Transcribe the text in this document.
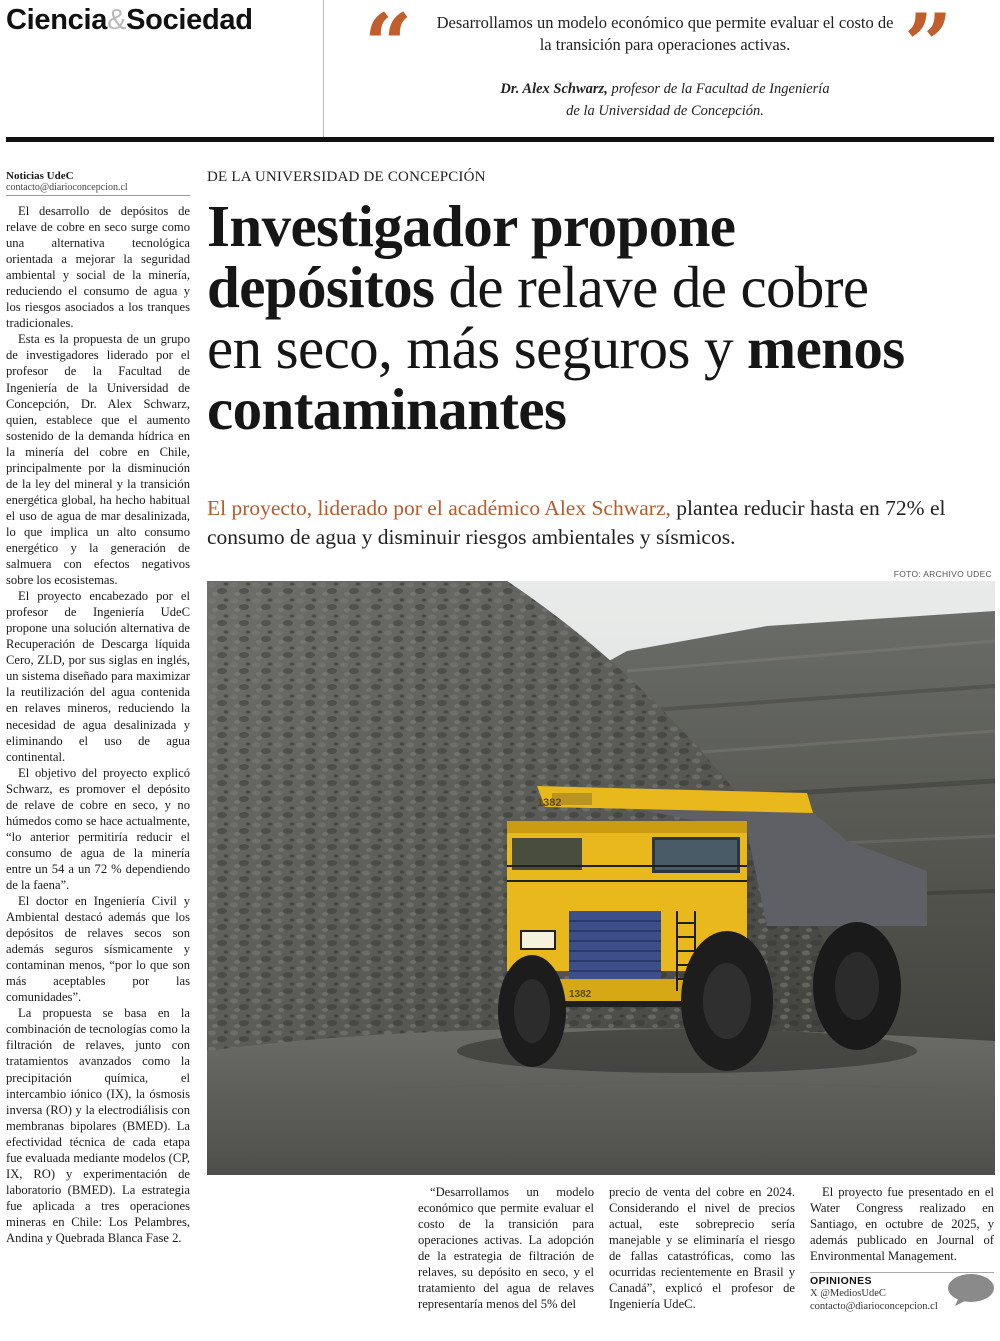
Ciencia&Sociedad “	Desarrollamos un modelo económico que permite evaluar el costo de la transición para operaciones activas.
Dr. Alex Schwarz, profesor de la Facultad de Ingeniería
de la Universidad de Concepción.
”
Noticias UdeC
contacto@diarioconcepcion.cl

El desarrollo de depósitos de relave de cobre en seco surge como una alternativa tecnológica orientada a mejorar la seguridad ambiental y social de la minería, reduciendo el consumo de agua y los riesgos asociados a los tranques tradicionales.

Esta es la propuesta de un grupo de investigadores liderado por el profesor de la Facultad de Ingeniería de la Universidad de Concepción, Dr. Alex Schwarz, quien, establece que el aumento sostenido de la demanda hídrica en la minería del cobre en Chile, principalmente por la disminución de la ley del mineral y la transición energética global, ha hecho habitual el uso de agua de mar desalinizada, lo que implica un alto consumo energético y la generación de salmuera con efectos negativos sobre los ecosistemas.

El proyecto encabezado por el profesor de Ingeniería UdeC propone una solución alternativa de Recuperación de Descarga líquida Cero, ZLD, por sus siglas en inglés, un sistema diseñado para maximizar la reutilización del agua contenida en relaves mineros, reduciendo la necesidad de agua desalinizada y eliminando el uso de agua continental.

El objetivo del proyecto explicó Schwarz, es promover el depósito de relave de cobre en seco, y no húmedos como se hace actualmente, “lo anterior permitiría reducir el consumo de agua de la minería entre un 54 a un 72 % dependiendo de la faena”.

El doctor en Ingeniería Civil y Ambiental destacó además que los depósitos de relaves secos son además seguros sísmicamente y contaminan menos, “por lo que son más aceptables por las comunidades”.

La propuesta se basa en la combinación de tecnologías como la filtración de relaves, junto con tratamientos avanzados como la precipitación química, el intercambio iónico (IX), la ósmosis inversa (RO) y la electrodiálisis con membranas bipolares (BMED). La efectividad técnica de cada etapa fue evaluada mediante modelos (CP, IX, RO) y experimentación de laboratorio (BMED). La estrategia fue aplicada a tres operaciones mineras en Chile: Los Pelambres, Andina y Quebrada Blanca Fase 2.

DE LA UNIVERSIDAD DE CONCEPCIÓN
Investigador propone
depósitos de relave de cobre
en seco, más seguros y menos
contaminantes
El proyecto, liderado por el académico Alex Schwarz, plantea reducir hasta en 72% el consumo de agua y disminuir riesgos ambientales y sísmicos.
FOTO: ARCHIVO UDEC
1382
1382

“Desarrollamos un modelo económico que permite evaluar el costo de la transición para operaciones activas. La adopción de la estrategia de filtración de relaves, su depósito en seco, y el tratamiento del agua de relaves representaría menos del 5% del

precio de venta del cobre en 2024. Considerando el nivel de precios actual, este sobreprecio sería manejable y se eliminaría el riesgo de fallas catastróficas, como las ocurridas recientemente en Brasil y Canadá”, explicó el profesor de Ingeniería UdeC.

El proyecto fue presentado en el Water Congress realizado en Santiago, en octubre de 2025, y además publicado en Journal of Environmental Management.

OPINIONES
X @MediosUdeC
contacto@diarioconcepcion.cl
